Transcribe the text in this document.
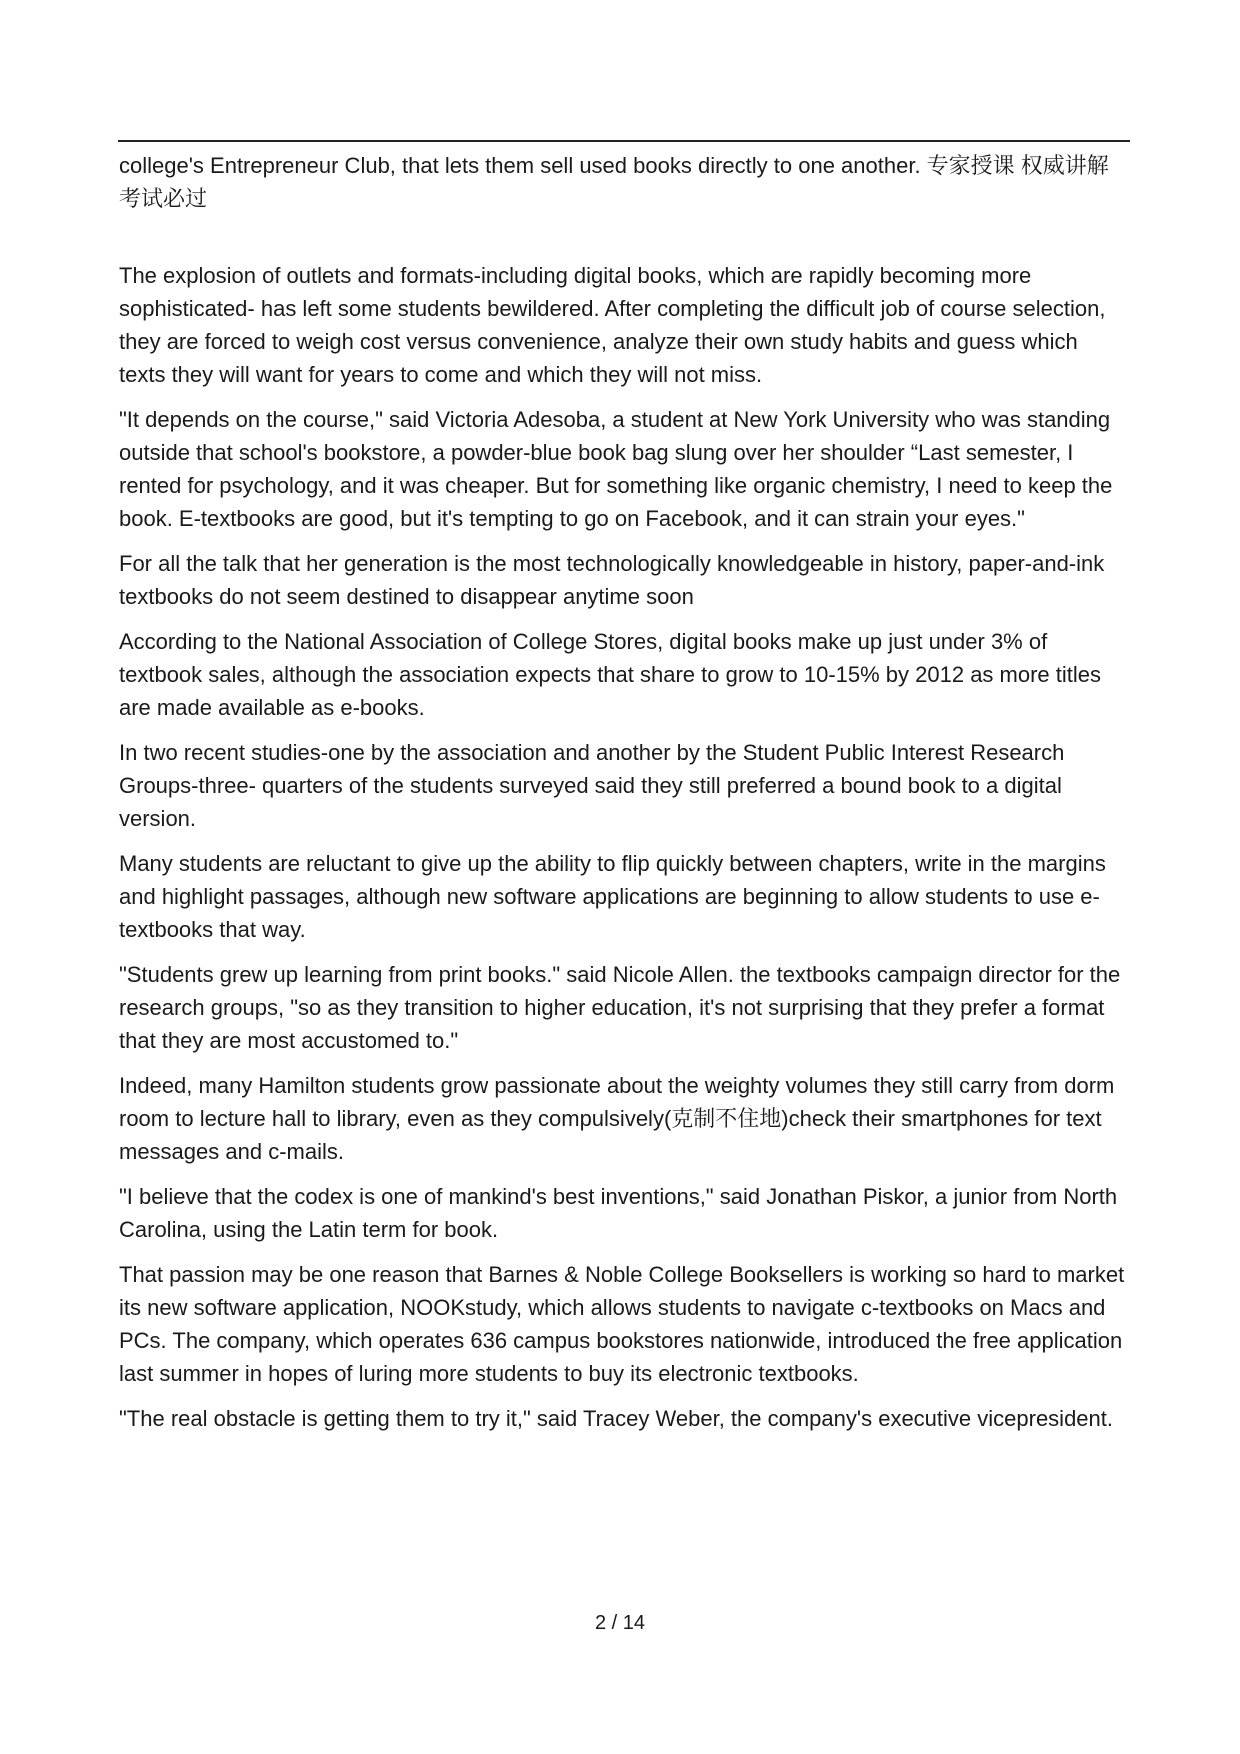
college's Entrepreneur Club, that lets them sell used books directly to one another. 专家授课 权威讲解 考试必过

The explosion of outlets and formats-including digital books, which are rapidly becoming more sophisticated- has left some students bewildered. After completing the difficult job of course selection, they are forced to weigh cost versus convenience, analyze their own study habits and guess which texts they will want for years to come and which they will not miss.

"It depends on the course," said Victoria Adesoba, a student at New York University who was standing outside that school's bookstore, a powder-blue book bag slung over her shoulder “Last semester, I rented for psychology, and it was cheaper. But for something like organic chemistry, I need to keep the book. E-textbooks are good, but it's tempting to go on Facebook, and it can strain your eyes."

For all the talk that her generation is the most technologically knowledgeable in history, paper-and-ink textbooks do not seem destined to disappear anytime soon

According to the National Association of College Stores, digital books make up just under 3% of textbook sales, although the association expects that share to grow to 10-15% by 2012 as more titles are made available as e-books.

In two recent studies-one by the association and another by the Student Public Interest Research Groups-three- quarters of the students surveyed said they still preferred a bound book to a digital version.

Many students are reluctant to give up the ability to flip quickly between chapters, write in the margins and highlight passages, although new software applications are beginning to allow students to use e-textbooks that way.

"Students grew up learning from print books." said Nicole Allen. the textbooks campaign director for the research groups, "so as they transition to higher education, it's not surprising that they prefer a format that they are most accustomed to."

Indeed, many Hamilton students grow passionate about the weighty volumes they still carry from dorm room to lecture hall to library, even as they compulsively(克制不住地)check their smartphones for text messages and c-mails.

"I believe that the codex is one of mankind's best inventions," said Jonathan Piskor, a junior from North Carolina, using the Latin term for book.

That passion may be one reason that Barnes & Noble College Booksellers is working so hard to market its new software application, NOOKstudy, which allows students to navigate c-textbooks on Macs and PCs. The company, which operates 636 campus bookstores nationwide, introduced the free application last summer in hopes of luring more students to buy its electronic textbooks.

"The real obstacle is getting them to try it," said Tracey Weber, the company's executive vicepresident.

2 / 14
